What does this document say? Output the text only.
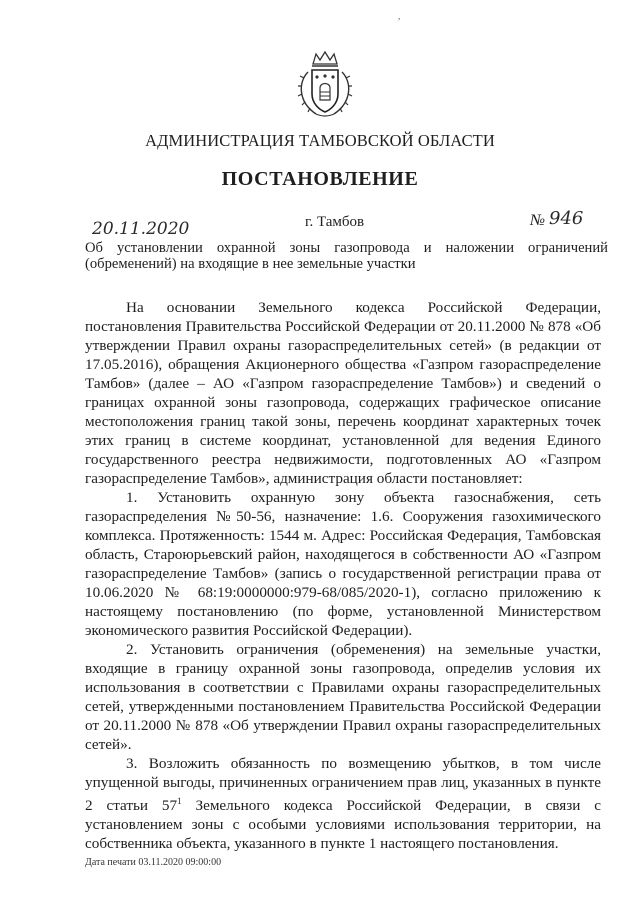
,
АДМИНИСТРАЦИЯ ТАМБОВСКОЙ ОБЛАСТИ
ПОСТАНОВЛЕНИЕ
20.11.2020	г. Тамбов	№ 946
Об установлении охранной зоны газопровода и наложении ограничений (обременений) на входящие в нее земельные участки

На основании Земельного кодекса Российской Федерации, постановления Правительства Российской Федерации от 20.11.2000 № 878 «Об утверждении Правил охраны газораспределительных сетей» (в редакции от 17.05.2016), обращения Акционерного общества «Газпром газораспределение Тамбов» (далее – АО «Газпром газораспределение Тамбов») и сведений о границах охранной зоны газопровода, содержащих графическое описание местоположения границ такой зоны, перечень координат характерных точек этих границ в системе координат, установленной для ведения Единого государственного реестра недвижимости, подготовленных АО «Газпром газораспределение Тамбов», администрация области постановляет:

1. Установить охранную зону объекта газоснабжения, сеть газораспределения №50-56, назначение: 1.6. Сооружения газохимического комплекса. Протяженность: 1544 м. Адрес: Российская Федерация, Тамбовская область, Староюрьевский район, находящегося в собственности АО «Газпром газораспределение Тамбов» (запись о государственной регистрации права от 10.06.2020 № 68:19:0000000:979-68/085/2020-1), согласно приложению к настоящему постановлению (по форме, установленной Министерством экономического развития Российской Федерации).

2. Установить ограничения (обременения) на земельные участки, входящие в границу охранной зоны газопровода, определив условия их использования в соответствии с Правилами охраны газораспределительных сетей, утвержденными постановлением Правительства Российской Федерации от 20.11.2000 № 878 «Об утверждении Правил охраны газораспределительных сетей».

3. Возложить обязанность по возмещению убытков, в том числе упущенной выгоды, причиненных ограничением прав лиц, указанных в пункте 2 статьи $57^1$ Земельного кодекса Российской Федерации, в связи с установлением зоны с особыми условиями использования территории, на собственника объекта, указанного в пункте 1 настоящего постановления.

Дата печати 03.11.2020 09:00:00
